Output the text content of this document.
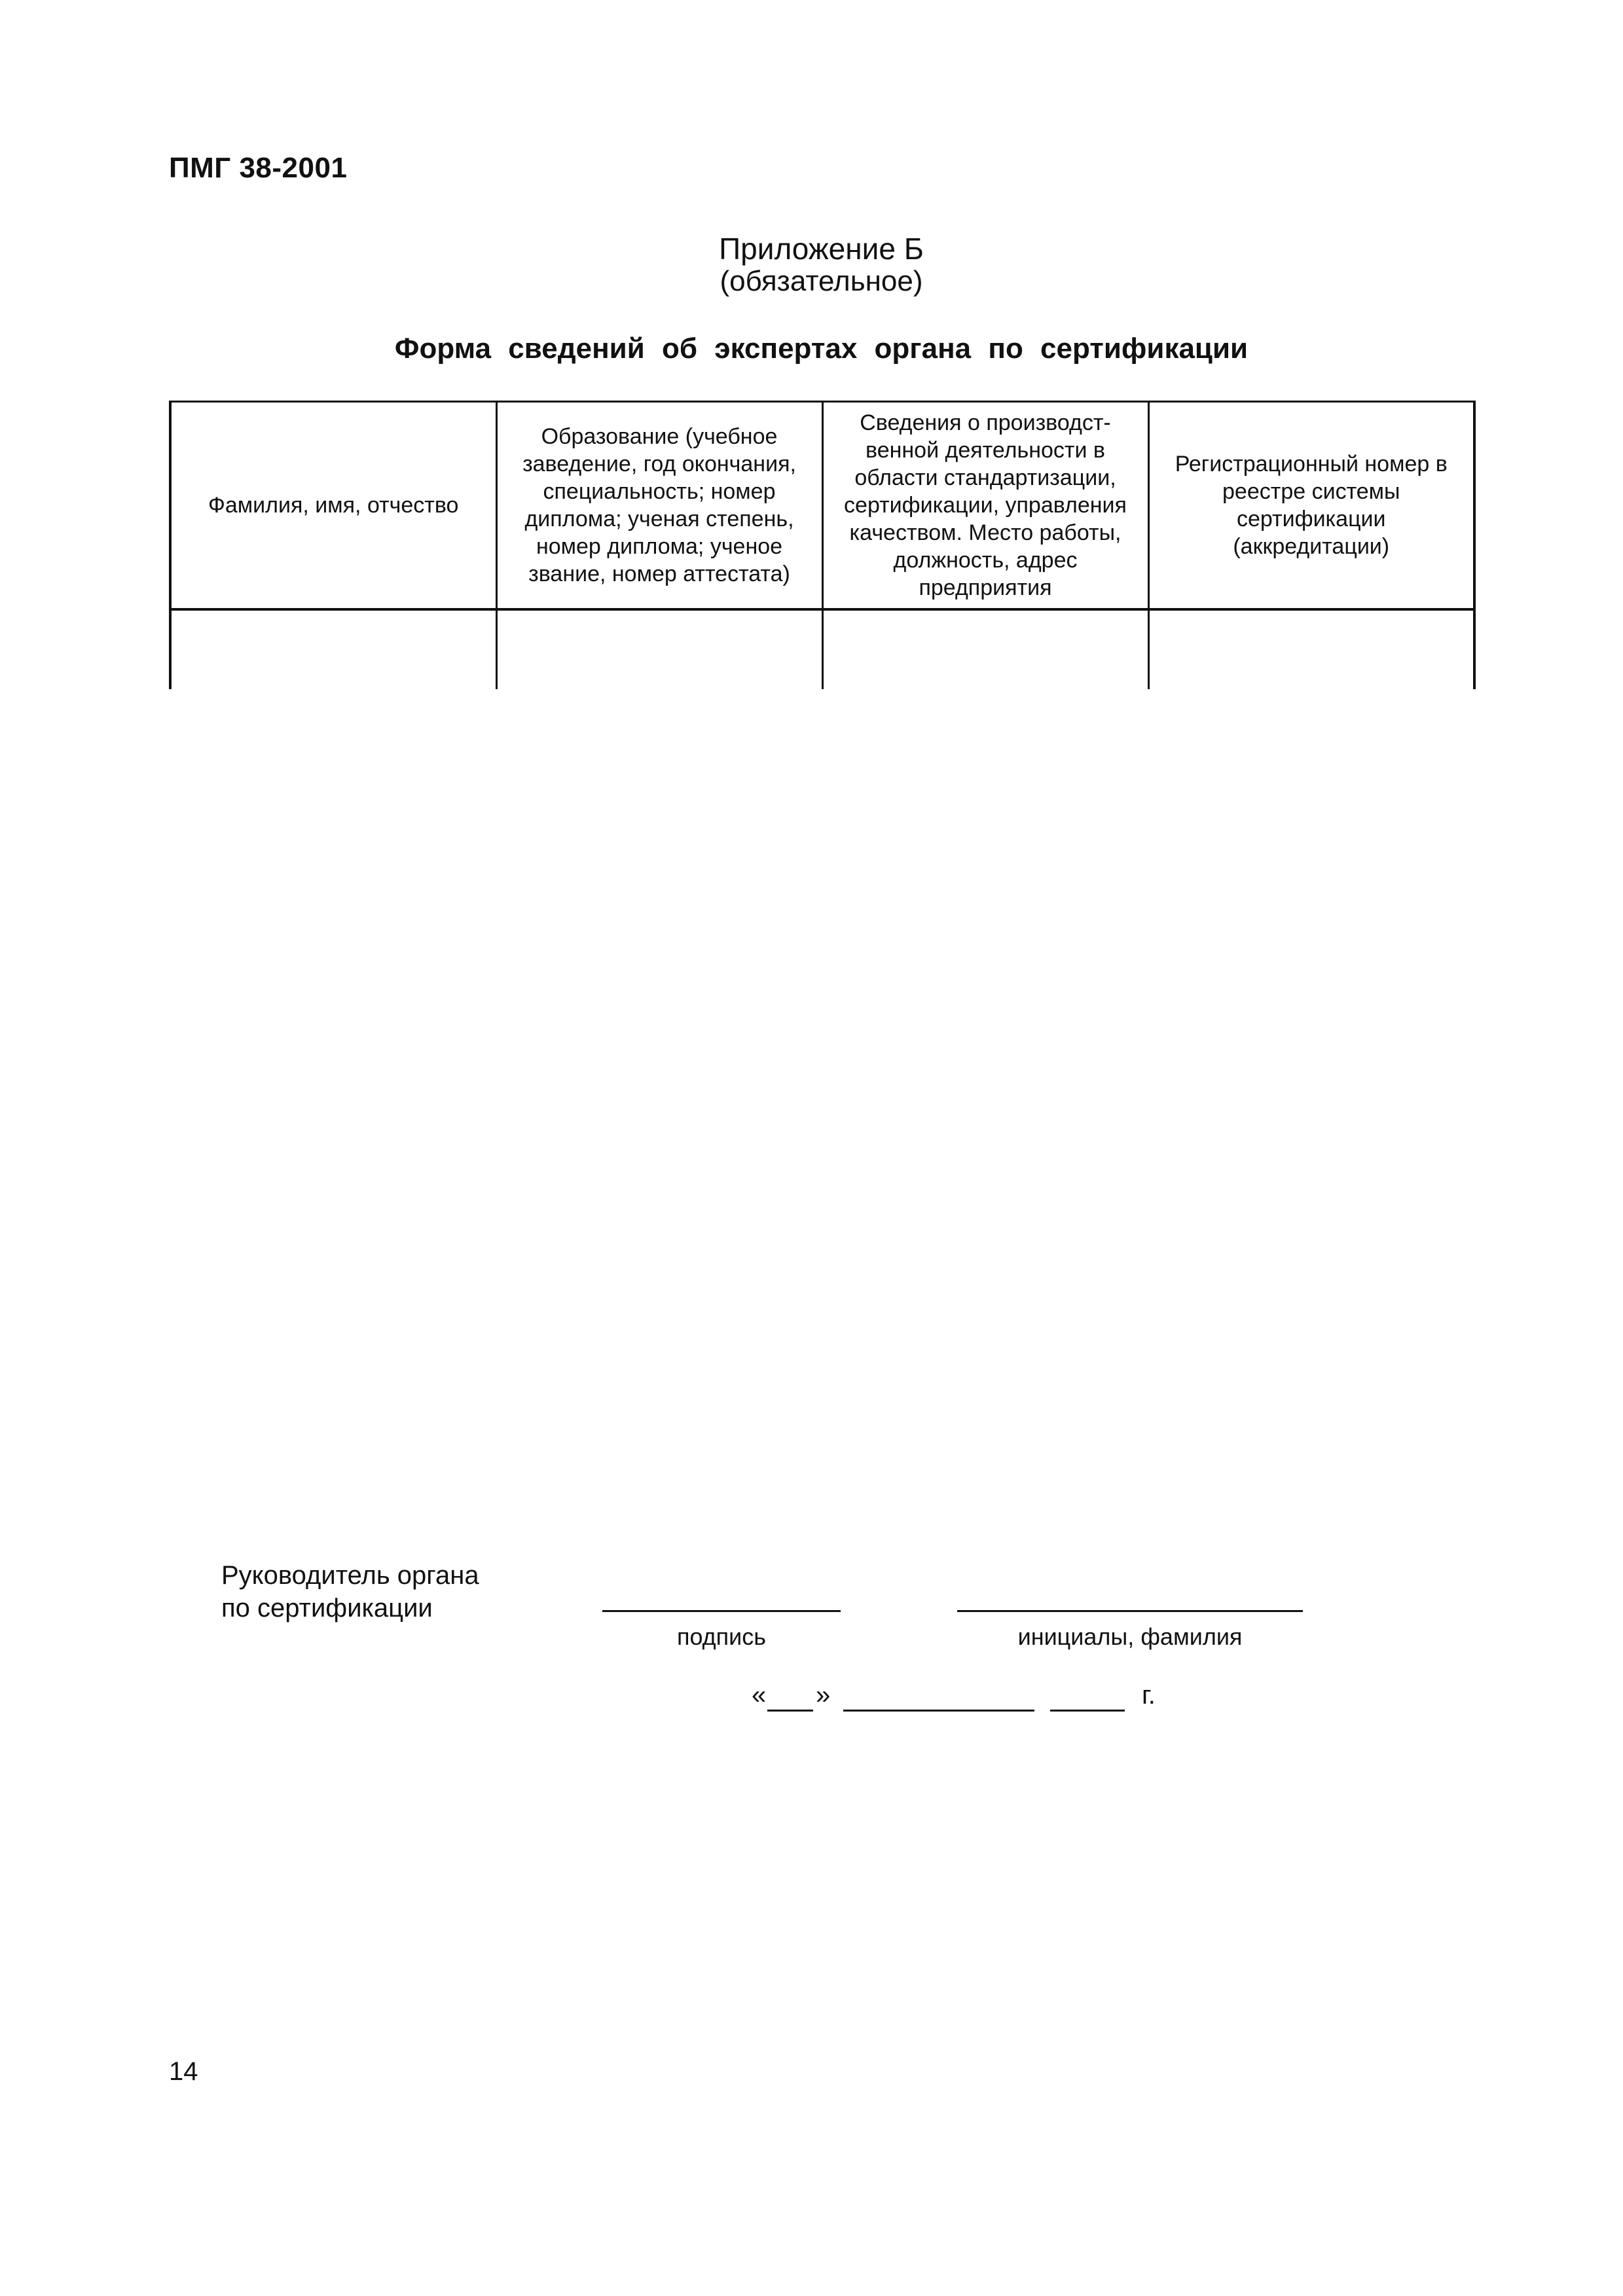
ПМГ 38-2001
Приложение Б
(обязательное)
Форма сведений об экспертах органа по сертификации
Фамилия, имя, отчество	Образование (учебное заведение, год окончания, специальность; номер диплома; ученая степень, номер диплома; ученое звание, номер аттестата)	Сведения о производст-венной деятельности в области стандартизации, сертификации, управления качеством. Место работы, должность, адрес предприятия	Регистрационный номер в реестре системы сертификации (аккредитации)

Руководитель органа
по сертификации
подпись	инициалы, фамилия
« »	г.
14
